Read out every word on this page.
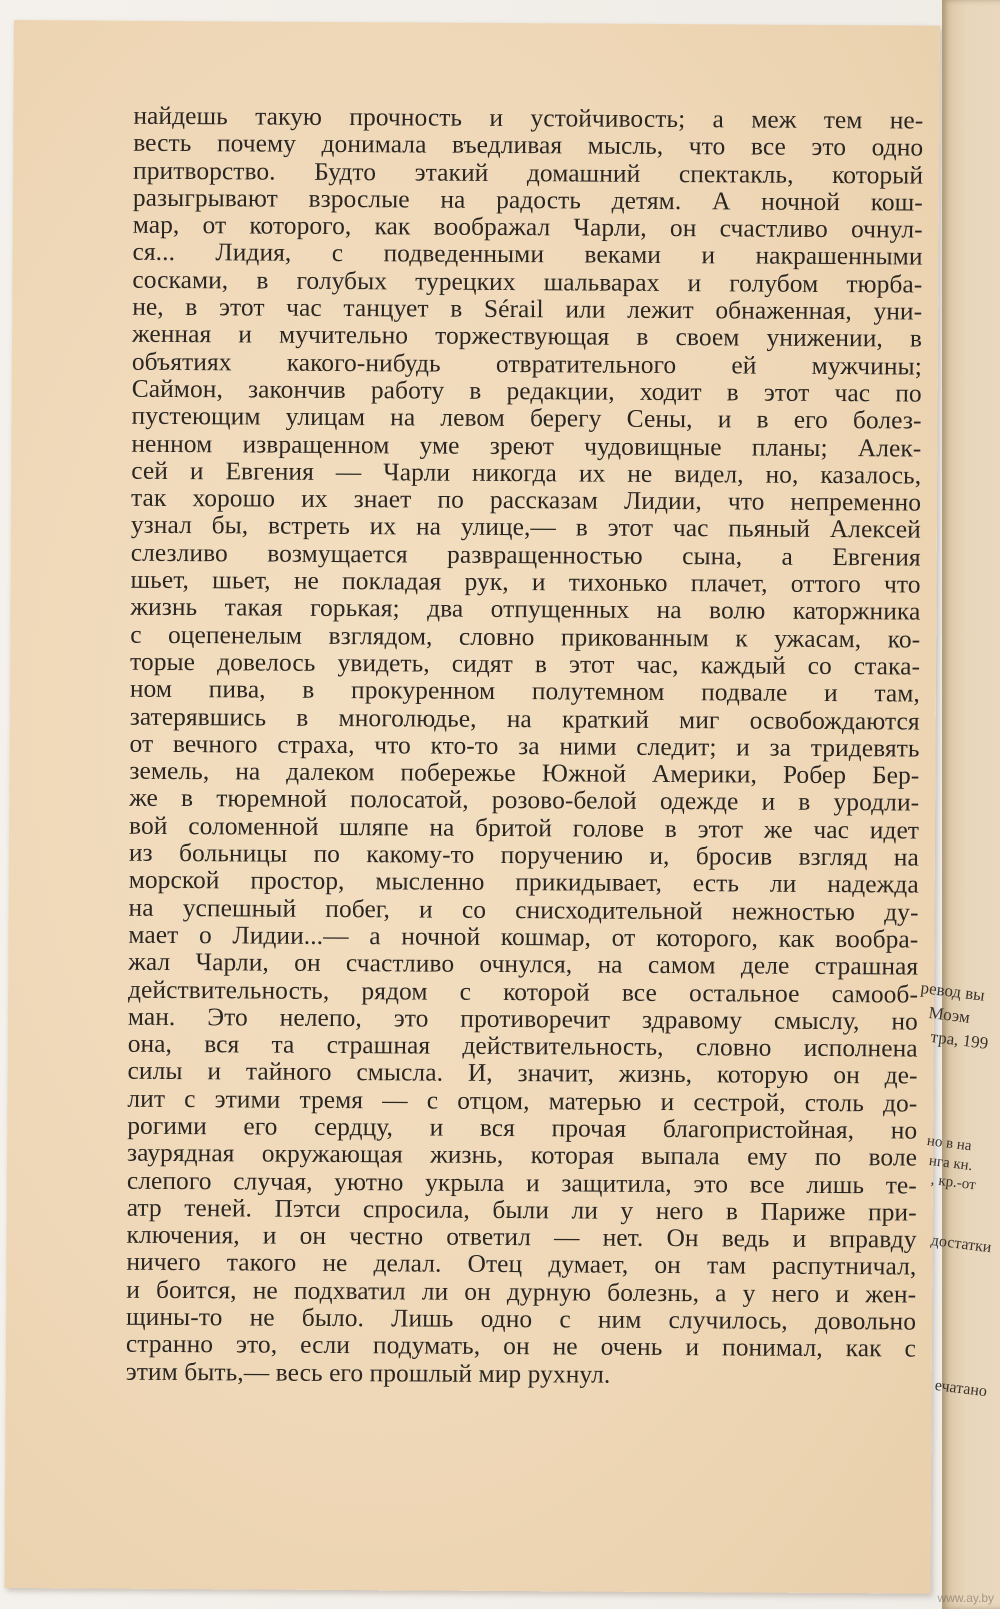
найдешь такую прочность и устойчивость; а меж тем не-
весть почему донимала въедливая мысль, что все это одно
притворство. Будто этакий домашний спектакль, который
разыгрывают взрослые на радость детям. А ночной кош-
мар, от которого, как воображал Чарли, он счастливо очнул-
ся... Лидия, с подведенными веками и накрашенными
сосками, в голубых турецких шальварах и голубом тюрба-
не, в этот час танцует в Sérail или лежит обнаженная, уни-
женная и мучительно торжествующая в своем унижении, в
объятиях какого-нибудь отвратительного ей мужчины;
Саймон, закончив работу в редакции, ходит в этот час по
пустеющим улицам на левом берегу Сены, и в его болез-
ненном извращенном уме зреют чудовищные планы; Алек-
сей и Евгения — Чарли никогда их не видел, но, казалось,
так хорошо их знает по рассказам Лидии, что непременно
узнал бы, встреть их на улице,— в этот час пьяный Алексей
слезливо возмущается развращенностью сына, а Евгения
шьет, шьет, не покладая рук, и тихонько плачет, оттого что
жизнь такая горькая; два отпущенных на волю каторжника
с оцепенелым взглядом, словно прикованным к ужасам, ко-
торые довелось увидеть, сидят в этот час, каждый со стака-
ном пива, в прокуренном полутемном подвале и там,
затерявшись в многолюдье, на краткий миг освобождаются
от вечного страха, что кто-то за ними следит; и за тридевять
земель, на далеком побережье Южной Америки, Робер Бер-
же в тюремной полосатой, розово-белой одежде и в уродли-
вой соломенной шляпе на бритой голове в этот же час идет
из больницы по какому-то поручению и, бросив взгляд на
морской простор, мысленно прикидывает, есть ли надежда
на успешный побег, и со снисходительной нежностью ду-
мает о Лидии...— а ночной кошмар, от которого, как вообра-
жал Чарли, он счастливо очнулся, на самом деле страшная
действительность, рядом с которой все остальное самооб-
ман. Это нелепо, это противоречит здравому смыслу, но
она, вся та страшная действительность, словно исполнена
силы и тайного смысла. И, значит, жизнь, которую он де-
лит с этими тремя — с отцом, матерью и сестрой, столь до-
рогими его сердцу, и вся прочая благопристойная, но
заурядная окружающая жизнь, которая выпала ему по воле
слепого случая, уютно укрыла и защитила, это все лишь те-
атр теней. Пэтси спросила, были ли у него в Париже при-
ключения, и он честно ответил — нет. Он ведь и вправду
ничего такого не делал. Отец думает, он там распутничал,
и боится, не подхватил ли он дурную болезнь, а у него и жен-
щины-то не было. Лишь одно с ним случилось, довольно
странно это, если подумать, он не очень и понимал, как с
этим быть,— весь его прошлый мир рухнул.
ревод вы
Моэм
тра, 199
но в на
нга кн.
, кр.-от
достатки
ечатано
www.ay.by
